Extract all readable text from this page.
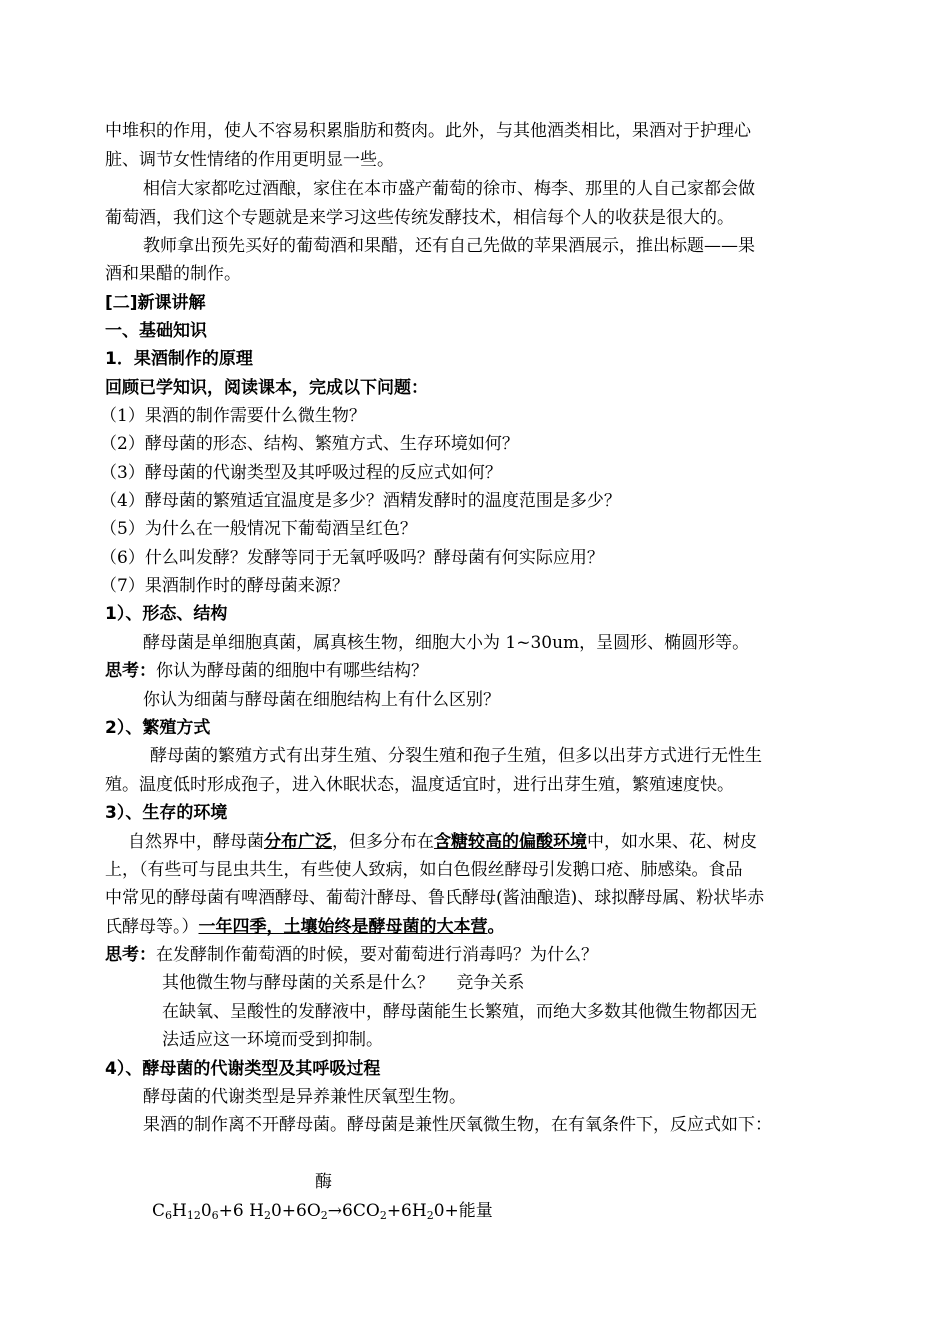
中堆积的作用，使人不容易积累脂肪和赘肉。此外，与其他酒类相比，果酒对于护理心
脏、调节女性情绪的作用更明显一些。
相信大家都吃过酒酿，家住在本市盛产葡萄的徐市、梅李、那里的人自己家都会做
葡萄酒，我们这个专题就是来学习这些传统发酵技术，相信每个人的收获是很大的。
教师拿出预先买好的葡萄酒和果醋，还有自己先做的苹果酒展示，推出标题——果
酒和果醋的制作。
[二]新课讲解
一、基础知识
1．果酒制作的原理
回顾已学知识，阅读课本，完成以下问题：
（1）果酒的制作需要什么微生物？
（2）酵母菌的形态、结构、繁殖方式、生存环境如何？
（3）酵母菌的代谢类型及其呼吸过程的反应式如何？
（4）酵母菌的繁殖适宜温度是多少？酒精发酵时的温度范围是多少？
（5）为什么在一般情况下葡萄酒呈红色？
（6）什么叫发酵？发酵等同于无氧呼吸吗？酵母菌有何实际应用？
（7）果酒制作时的酵母菌来源？
1）、形态、结构
酵母菌是单细胞真菌，属真核生物，细胞大小为 1~30um，呈圆形、椭圆形等。
思考：你认为酵母菌的细胞中有哪些结构？
你认为细菌与酵母菌在细胞结构上有什么区别？
2）、繁殖方式
酵母菌的繁殖方式有出芽生殖、分裂生殖和孢子生殖，但多以出芽方式进行无性生
殖。温度低时形成孢子，进入休眠状态，温度适宜时，进行出芽生殖，繁殖速度快。
3）、生存的环境
自然界中，酵母菌分布广泛，但多分布在含糖较高的偏酸环境中，如水果、花、树皮
上，（有些可与昆虫共生，有些使人致病，如白色假丝酵母引发鹅口疮、肺感染。食品
中常见的酵母菌有啤酒酵母、葡萄汁酵母、鲁氏酵母(酱油酿造)、球拟酵母属、粉状毕赤
氏酵母等。）一年四季，土壤始终是酵母菌的大本营。
思考：在发酵制作葡萄酒的时候，要对葡萄进行消毒吗？为什么？
其他微生物与酵母菌的关系是什么？　 竞争关系
在缺氧、呈酸性的发酵液中，酵母菌能生长繁殖，而绝大多数其他微生物都因无
法适应这一环境而受到抑制。
4）、酵母菌的代谢类型及其呼吸过程
酵母菌的代谢类型是异养兼性厌氧型生物。
果酒的制作离不开酵母菌。酵母菌是兼性厌氧微生物，在有氧条件下，反应式如下：
酶
$C_6H_{12}0_6+6$ $H_20+6O_2\to 6CO_2+6H_20+$能量
